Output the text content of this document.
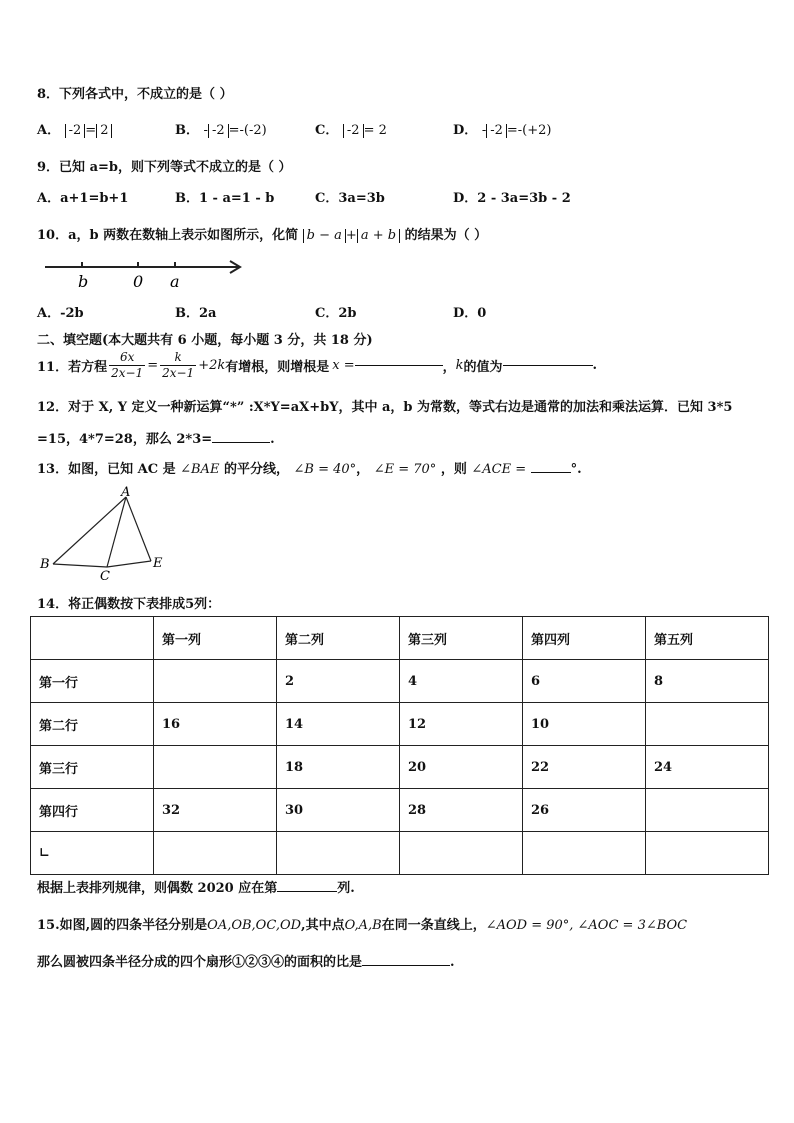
8．下列各式中，不成立的是（ ）
A． -2 = 2	B． - -2 =-(-2)	C． -2 = 2	D． - -2 =-(+2)
9．已知 a=b，则下列等式不成立的是（ ）
A．a+1=b+1	B．1 - a=1 - b	C．3a=3b	D．2 - 3a=3b - 2
10．a，b 两数在数轴上表示如图所示，化简 b − a + a + b 的结果为（ ）
b	0 a
A．-2b	B．2a	C．2b	D．0
二、填空题(本大题共有 6 小题，每小题 3 分，共 18 分)
11．若方程 $\frac{6x}{2x-1} = \frac{k}{2x-1} +2k$ 有增根，则增根是 x =	， k 的值为	.
12．对于 X, Y 定义一种新运算“*” :X*Y=aX+bY，其中 a，b 为常数，等式右边是通常的加法和乘法运算．已知 3*5
=15，4*7=28，那么 2*3=	.
13．如图，已知 AC 是 ∠BAE 的平分线， ∠B = 40°， ∠E = 70° ，则 ∠ACE =	°.
A
B
C
E
14．将正偶数按下表排成5列：
	第一列	第二列	第三列	第四列	第五列
第一行		2	4	6	8
第二行	16	14	12	10	
第三行		18	20	22	24
第四行	32	30	28	26	
∟					
根据上表排列规律，则偶数 2020 应在第	列.
15.如图,圆的四条半径分别是OA,OB,OC,OD,其中点O,A,B在同一条直线上，∠AOD = 90°, ∠AOC = 3∠BOC
那么圆被四条半径分成的四个扇形①②③④的面积的比是	.
